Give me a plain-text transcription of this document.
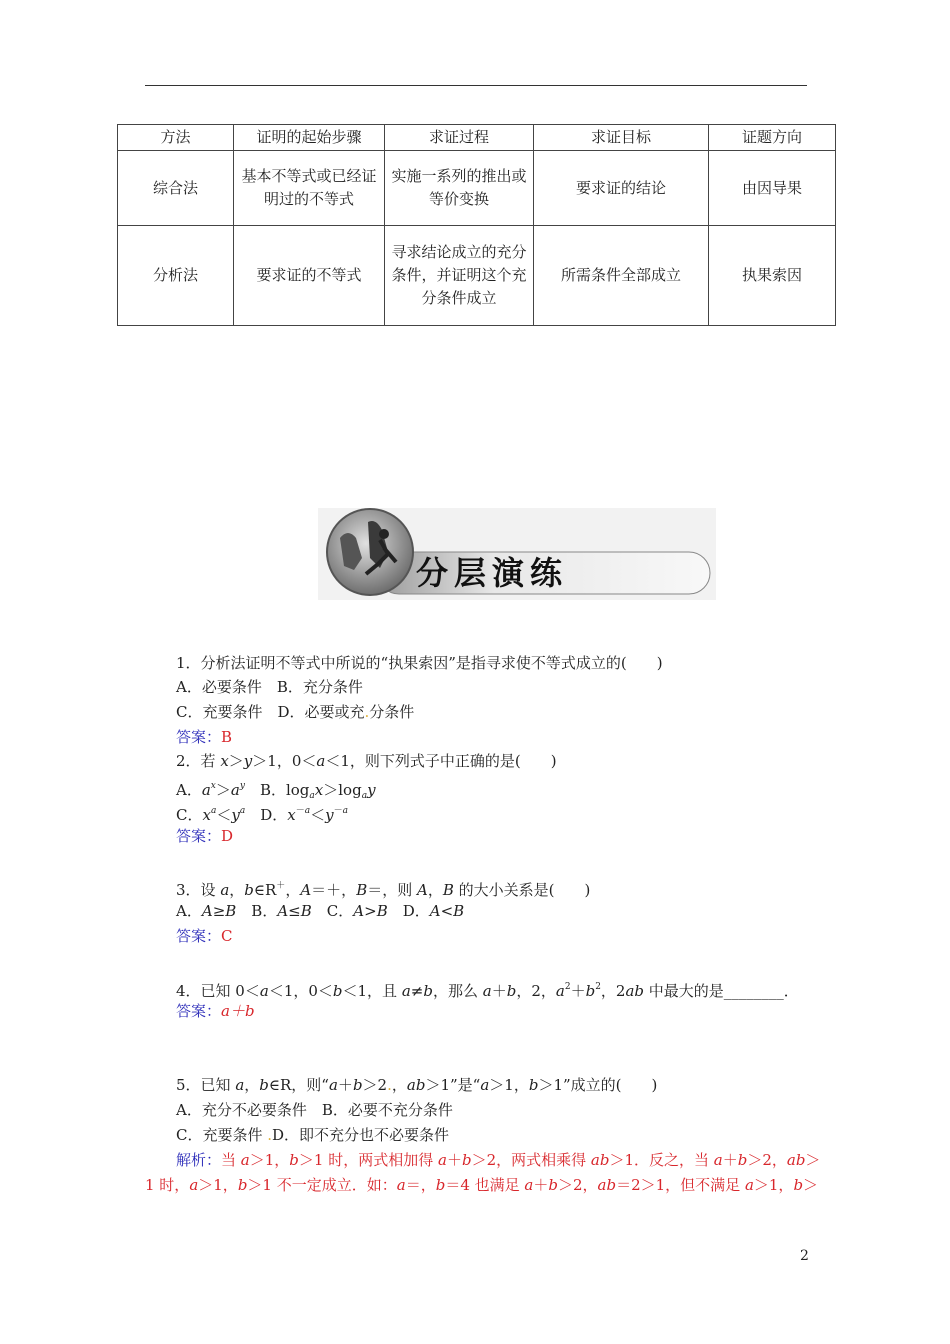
方法	证明的起始步骤	求证过程	求证目标	证题方向
综合法	基本不等式或已经证明过的不等式	实施一系列的推出或等价变换	要求证的结论	由因导果
分析法	要求证的不等式	寻求结论成立的充分条件，并证明这个充分条件成立	所需条件全部成立	执果索因
分层演练
1．分析法证明不等式中所说的“执果索因”是指寻求使不等式成立的(　　)
A．必要条件　B．充分条件
C．充要条件　D．必要或充.分条件
答案：B
2．若 x＞y＞1，0＜a＜1，则下列式子中正确的是(　　)
A．$a^x>a^y$　B．$\log_ax>\log_ay$
C．$x^a<y^a$　D．$x^{-a}<y^{-a}$
答案：D
3．设 a，b∈R＋，A＝＋，B＝，则 A，B 的大小关系是(　　)
A．A≥B　B．A≤B　C．A>B　D．A<B
答案：C
4．已知 0＜a＜1，0＜b＜1，且 a≠b，那么 a＋b，2，$a^2+b^2$，2ab 中最大的是________．
答案：a＋b
5．已知 a，b∈R，则“a＋b＞2.，ab＞1”是“a＞1，b＞1”成立的(　　)
A．充分不必要条件　B．必要不充分条件
C．充要条件 .D．即不充分也不必要条件
解析：当 a＞1，b＞1 时，两式相加得 a＋b＞2，两式相乘得 ab＞1．反之，当 a＋b＞2，ab＞
1 时，a＞1，b＞1 不一定成立．如：a＝，b＝4 也满足 a＋b＞2，ab＝2＞1，但不满足 a＞1，b＞
2
